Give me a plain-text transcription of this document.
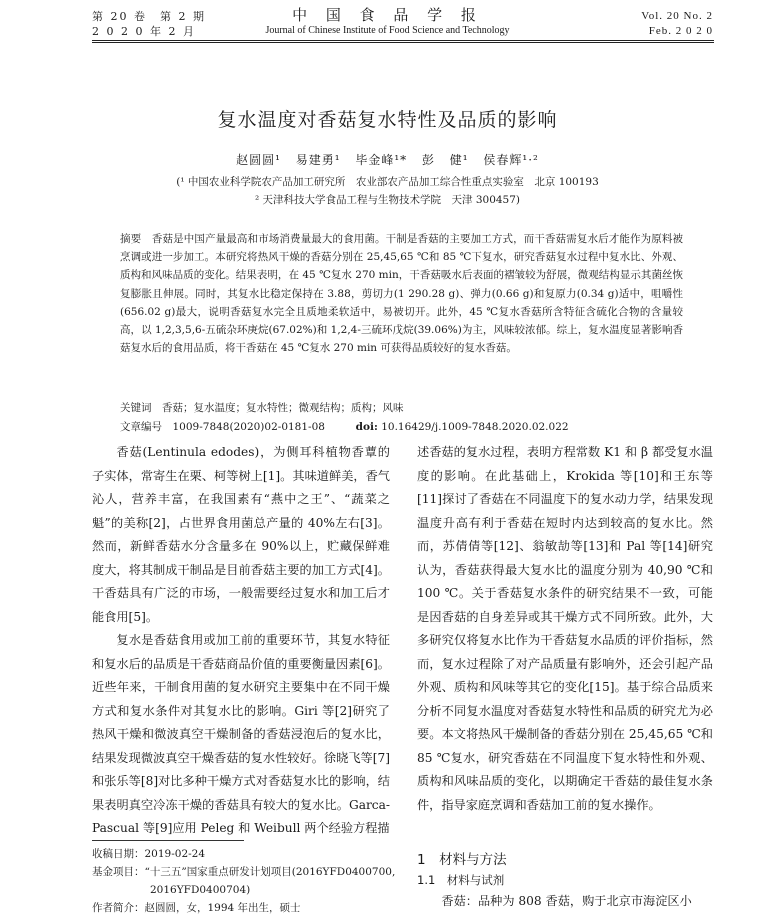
第 20 卷　第 2 期
2 0 2 0 年 2 月
中 国 食 品 学 报
Journal of Chinese Institute of Food Science and Technology
Vol. 20 No. 2
Feb. 2 0 2 0
复水温度对香菇复水特性及品质的影响
赵圆圆¹ 易建勇¹ 毕金峰¹* 彭 健¹ 侯春辉¹·²
(¹ 中国农业科学院农产品加工研究所　农业部农产品加工综合性重点实验室　北京 100193
² 天津科技大学食品工程与生物技术学院　天津 300457)
摘要　香菇是中国产量最高和市场消费量最大的食用菌。干制是香菇的主要加工方式，而干香菇需复水后才能作为原料被烹调或进一步加工。本研究将热风干燥的香菇分别在 25,45,65 ℃和 85 ℃下复水，研究香菇复水过程中复水比、外观、质构和风味品质的变化。结果表明，在 45 ℃复水 270 min，干香菇吸水后表面的褶皱较为舒展，微观结构显示其菌丝恢复膨胀且伸展。同时，其复水比稳定保持在 3.88，剪切力(1 290.28 g)、弹力(0.66 g)和复原力(0.34 g)适中，咀嚼性(656.02 g)最大，说明香菇复水完全且质地柔软适中，易被切开。此外，45 ℃复水香菇所含特征含硫化合物的含量较高，以 1,2,3,5,6-五硫杂环庚烷(67.02%)和 1,2,4-三硫环戊烷(39.06%)为主，风味较浓郁。综上，复水温度显著影响香菇复水后的食用品质，将干香菇在 45 ℃复水 270 min 可获得品质较好的复水香菇。
关键词　香菇；复水温度；复水特性；微观结构；质构；风味
文章编号　1009-7848(2020)02-0181-08	doi: 10.16429/j.1009-7848.2020.02.022

香菇(Lentinula edodes)，为侧耳科植物香蕈的子实体，常寄生在栗、柯等树上[1]。其味道鲜美，香气沁人，营养丰富，在我国素有“燕中之王”、“蔬菜之魁”的美称[2]，占世界食用菌总产量的 40%左右[3]。然而，新鲜香菇水分含量多在 90%以上，贮藏保鲜难度大，将其制成干制品是目前香菇主要的加工方式[4]。干香菇具有广泛的市场，一般需要经过复水和加工后才能食用[5]。

复水是香菇食用或加工前的重要环节，其复水特征和复水后的品质是干香菇商品价值的重要衡量因素[6]。近些年来，干制食用菌的复水研究主要集中在不同干燥方式和复水条件对其复水比的影响。Giri 等[2]研究了热风干燥和微波真空干燥制备的香菇浸泡后的复水比，结果发现微波真空干燥香菇的复水性较好。徐晓飞等[7]和张乐等[8]对比多种干燥方式对香菇复水比的影响，结果表明真空冷冻干燥的香菇具有较大的复水比。Garca-Pascual 等[9]应用 Peleg 和 Weibull 两个经验方程描

述香菇的复水过程，表明方程常数 K1 和 β 都受复水温度的影响。在此基础上，Krokida 等[10]和王东等[11]探讨了香菇在不同温度下的复水动力学，结果发现温度升高有利于香菇在短时内达到较高的复水比。然而，苏倩倩等[12]、翁敏劼等[13]和 Pal 等[14]研究认为，香菇获得最大复水比的温度分别为 40,90 ℃和 100 ℃。关于香菇复水条件的研究结果不一致，可能是因香菇的自身差异或其干燥方式不同所致。此外，大多研究仅将复水比作为干香菇复水品质的评价指标，然而，复水过程除了对产品质量有影响外，还会引起产品外观、质构和风味等其它的变化[15]。基于综合品质来分析不同复水温度对香菇复水特性和品质的研究尤为必要。本文将热风干燥制备的香菇分别在 25,45,65 ℃和 85 ℃复水，研究香菇在不同温度下复水特性和外观、质构和风味品质的变化，以期确定干香菇的最佳复水条件，指导家庭烹调和香菇加工前的复水操作。

收稿日期：2019-02-24
基金项目：“十三五”国家重点研发计划项目(2016YFD0400700,
2016YFD0400704)
作者简介：赵圆圆，女，1994 年出生，硕士
1　材料与方法
1.1　材料与试剂

香菇：品种为 808 香菇，购于北京市海淀区小
